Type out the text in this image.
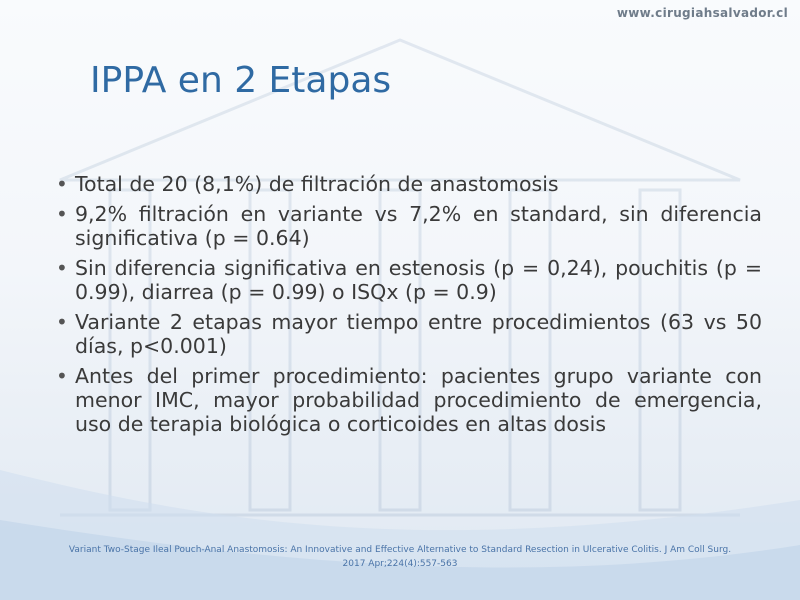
www.cirugiahsalvador.cl
IPPA en 2 Etapas
• Total de 20 (8,1%) de filtración de anastomosis
• 9,2% filtración en variante vs 7,2% en standard, sin diferencia significativa (p = 0.64)
• Sin diferencia significativa en estenosis (p = 0,24), pouchitis (p = 0.99), diarrea (p = 0.99) o ISQx (p = 0.9)
• Variante 2 etapas mayor tiempo entre procedimientos (63 vs 50 días, p<0.001)
• Antes del primer procedimiento: pacientes grupo variante con menor IMC, mayor probabilidad procedimiento de emergencia, uso de terapia biológica o corticoides en altas dosis
Variant Two-Stage Ileal Pouch-Anal Anastomosis: An Innovative and Effective Alternative to Standard Resection in Ulcerative Colitis. J Am Coll Surg.
2017 Apr;224(4):557-563
